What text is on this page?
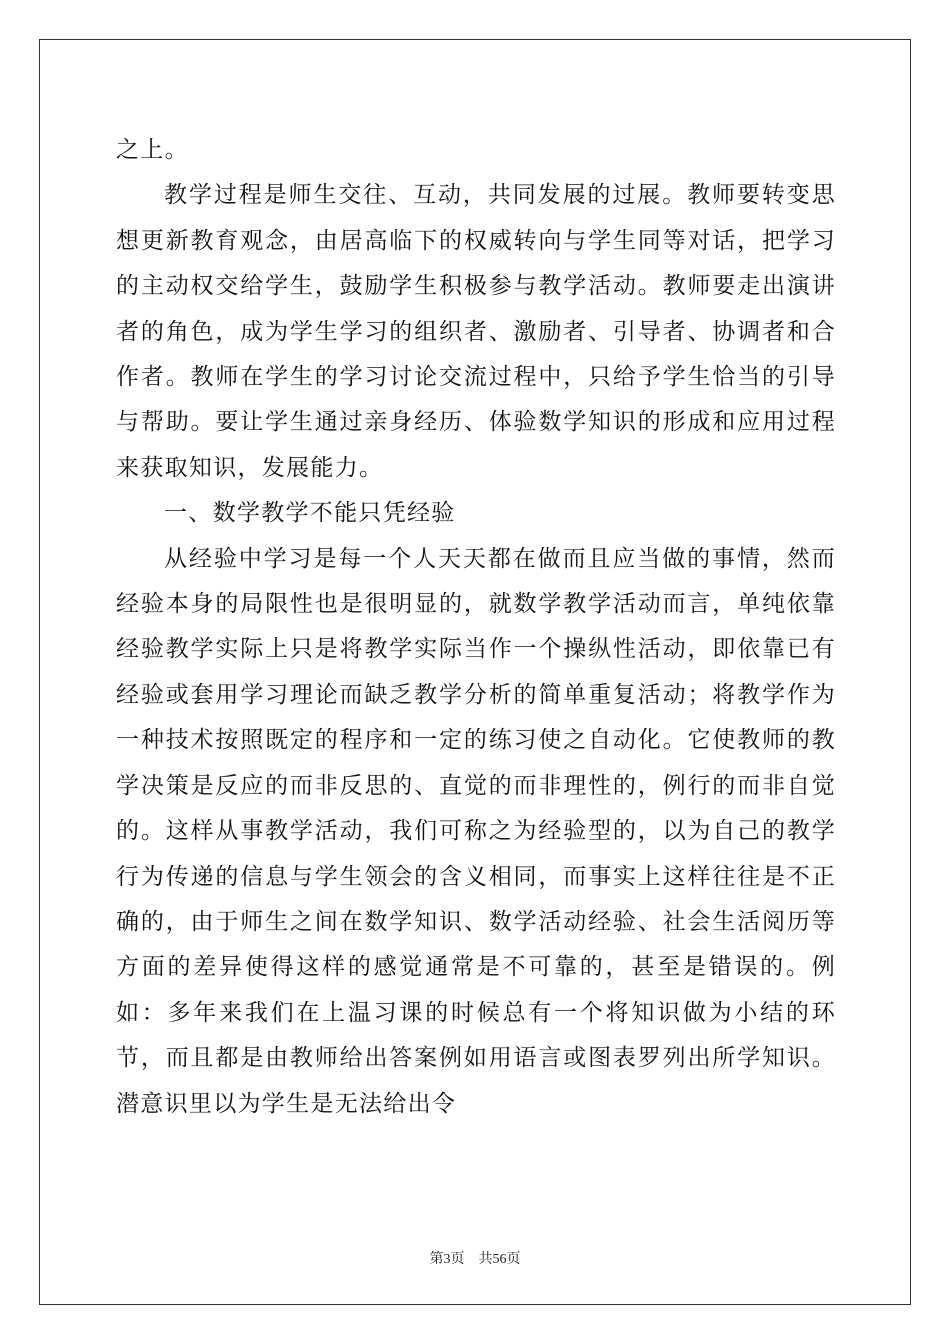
之上。

教学过程是师生交往、互动，共同发展的过展。教师要转变思想更新教育观念，由居高临下的权威转向与学生同等对话，把学习的主动权交给学生，鼓励学生积极参与教学活动。教师要走出演讲者的角色，成为学生学习的组织者、激励者、引导者、协调者和合作者。教师在学生的学习讨论交流过程中，只给予学生恰当的引导与帮助。要让学生通过亲身经历、体验数学知识的形成和应用过程来获取知识，发展能力。

一、数学教学不能只凭经验

从经验中学习是每一个人天天都在做而且应当做的事情，然而经验本身的局限性也是很明显的，就数学教学活动而言，单纯依靠经验教学实际上只是将教学实际当作一个操纵性活动，即依靠已有经验或套用学习理论而缺乏教学分析的简单重复活动；将教学作为一种技术按照既定的程序和一定的练习使之自动化。它使教师的教学决策是反应的而非反思的、直觉的而非理性的，例行的而非自觉的。这样从事教学活动，我们可称之为经验型的，以为自己的教学行为传递的信息与学生领会的含义相同，而事实上这样往往是不正确的，由于师生之间在数学知识、数学活动经验、社会生活阅历等方面的差异使得这样的感觉通常是不可靠的，甚至是错误的。例如：多年来我们在上温习课的时候总有一个将知识做为小结的环节，而且都是由教师给出答案例如用语言或图表罗列出所学知识。潜意识里以为学生是无法给出令

第3页 共56页
